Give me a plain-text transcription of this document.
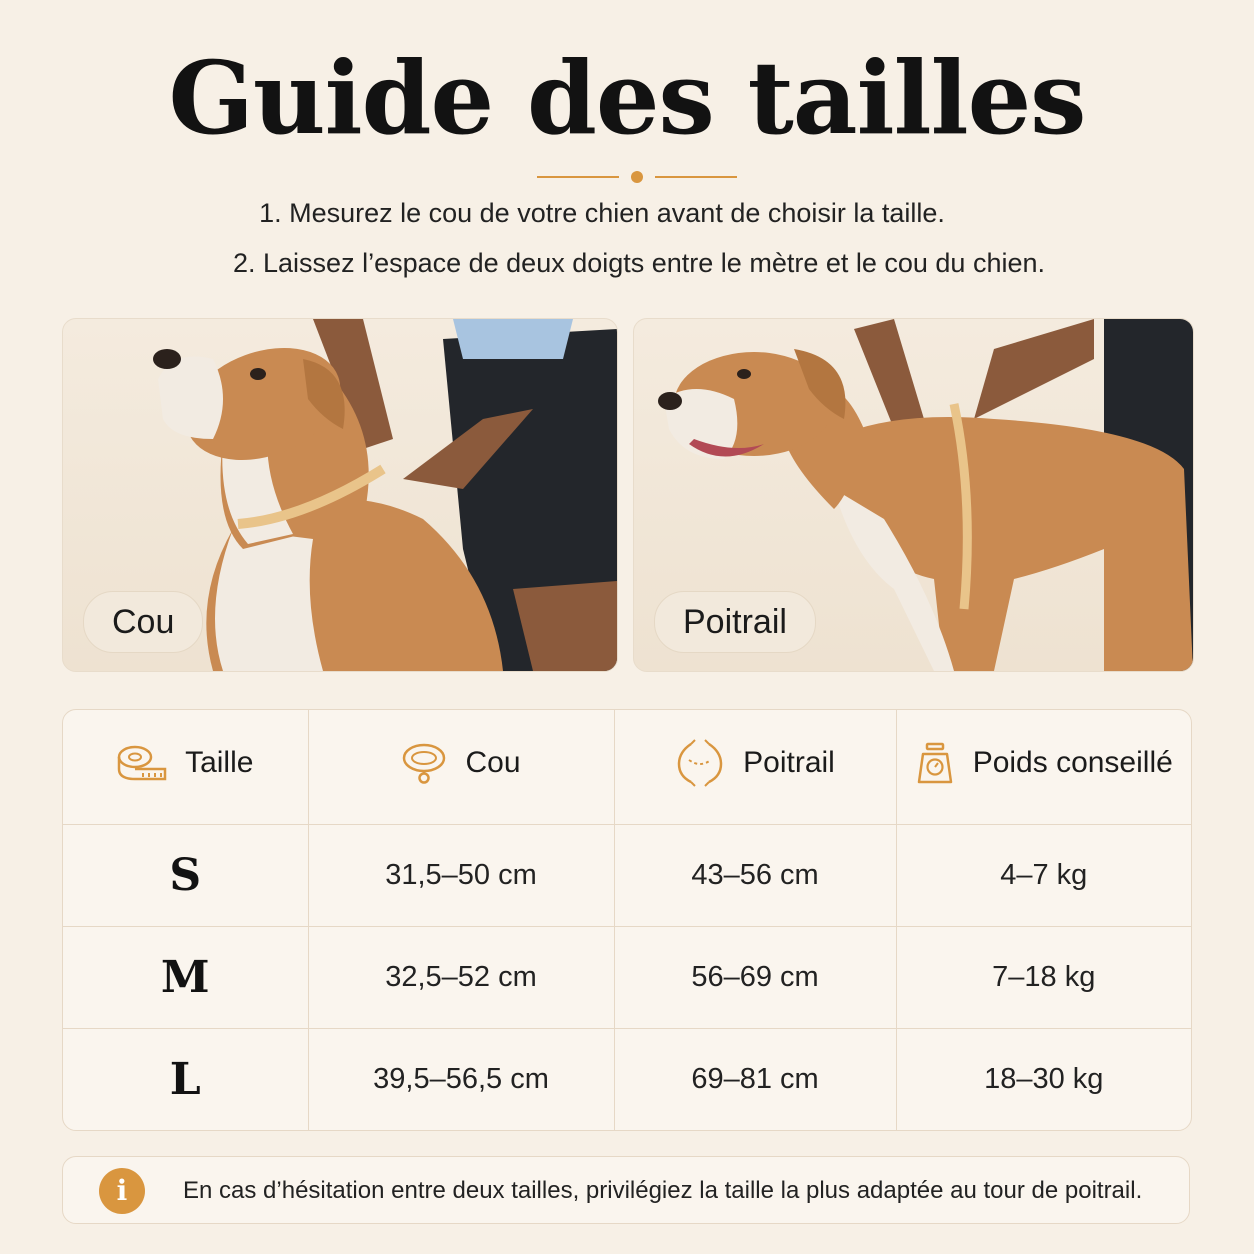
Guide des tailles
1. Mesurez le cou de votre chien avant de choisir la taille.
2. Laissez l’espace de deux doigts entre le mètre et le cou du chien.
Cou	Poitrail
Taille	Cou	Poitrail	Poids conseillé

S	31,5–50 cm	43–56 cm	4–7 kg
M	32,5–52 cm	56–69 cm	7–18 kg
L	39,5–56,5 cm	69–81 cm	18–30 kg
i	En cas d’hésitation entre deux tailles, privilégiez la taille la plus adaptée au tour de poitrail.
